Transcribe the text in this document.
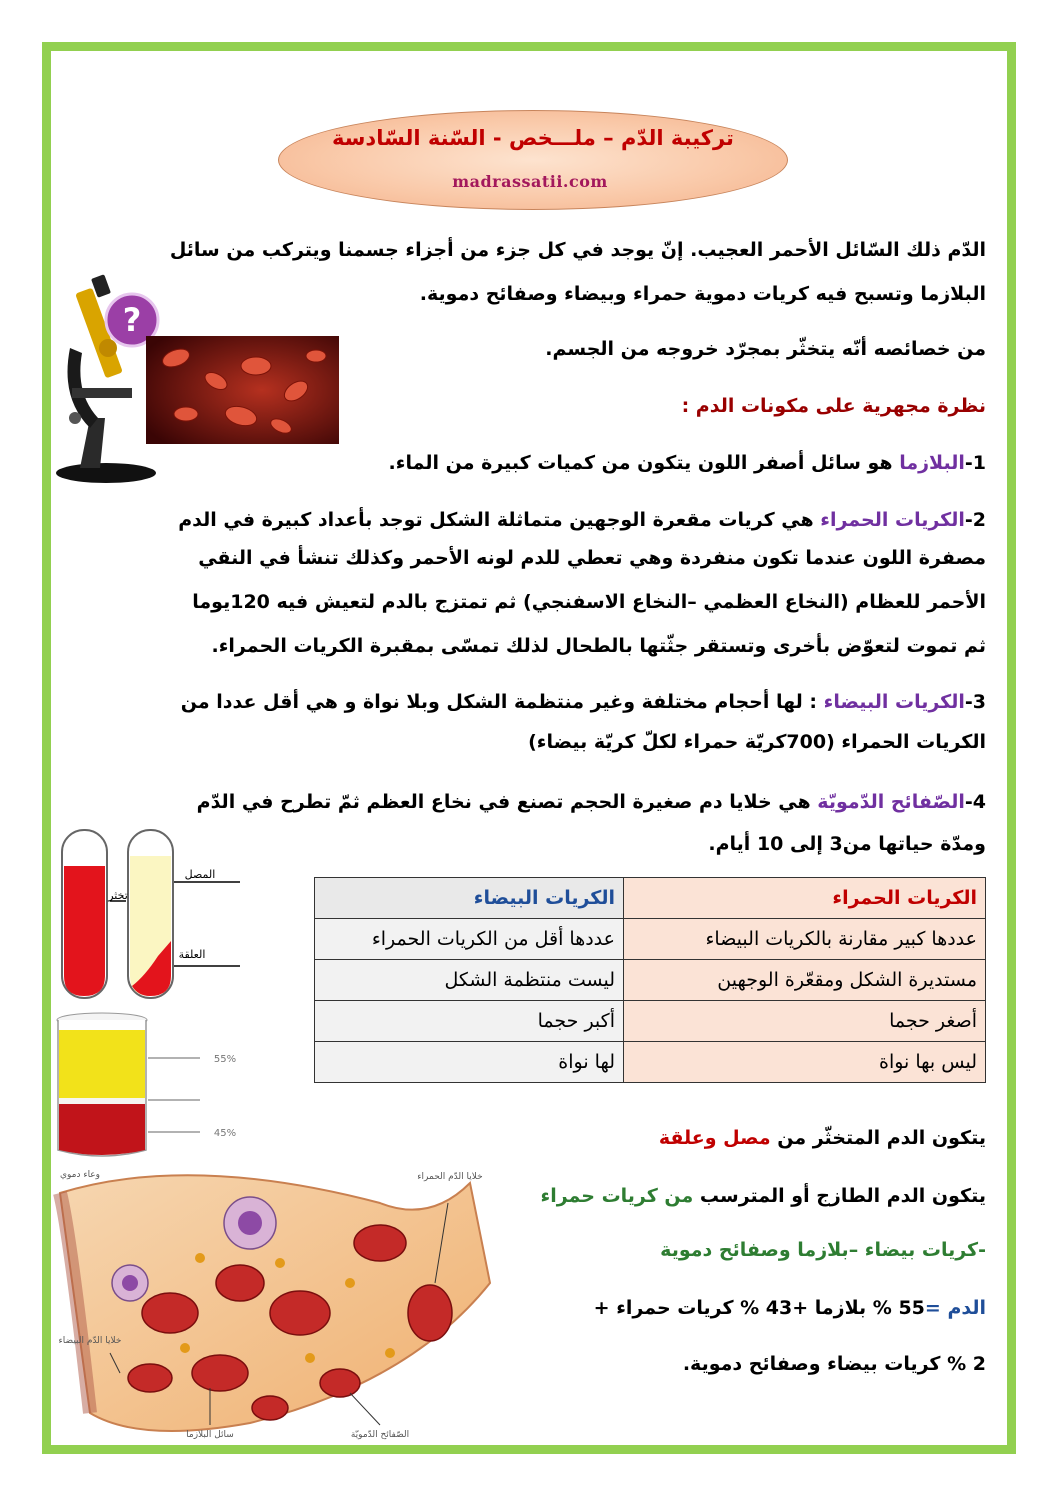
تركيبة الدّم – ملـــخص - السّنة السّادسة
madrassatii.com
الدّم ذلك السّائل الأحمر العجيب. إنّ يوجد في كل جزء من أجزاء جسمنا ويتركب من سائل
البلازما وتسبح فيه كريات دموية حمراء وبيضاء وصفائح دموية.
من خصائصه أنّه يتخثّر بمجرّد خروجه من الجسم.
نظرة مجهرية على مكونات الدم :
?
1-البلازما هو سائل أصفر اللون يتكون من كميات كبيرة من الماء.
2-الكريات الحمراء هي كريات مقعرة الوجهين متماثلة الشكل توجد بأعداد كبيرة في الدم
مصفرة اللون عندما تكون منفردة وهي تعطي للدم لونه الأحمر وكذلك تنشأ في النقي
الأحمر للعظام (النخاع العظمي –النخاع الاسفنجي) ثم تمتزج بالدم لتعيش فيه 120يوما
ثم تموت لتعوّض بأخرى وتستقر جثّتها بالطحال لذلك تمسّى بمقبرة الكريات الحمراء.
3-الكريات البيضاء : لها أحجام مختلفة وغير منتظمة الشكل وبلا نواة و هي أقل عددا من
الكريات الحمراء (700كريّة حمراء لكلّ كريّة بيضاء)
4-الصّفائح الدّمويّة هي خلايا دم صغيرة الحجم تصنع في نخاع العظم ثمّ تطرح في الدّم
ومدّة حياتها من3 إلى 10 أيام.
تخثر
المصل
العلقة
55%
45%
وعاء دموي	خلايا الدّم الحمراء
خلايا الدّم البيضاء
سائل البلازما	الصّفائح الدّمويّة
الكريات الحمراء	الكريات البيضاء
عددها كبير مقارنة بالكريات البيضاء	عددها أقل من الكريات الحمراء
مستديرة الشكل ومقعّرة الوجهين	ليست منتظمة الشكل
أصغر حجما	أكبر حجما
ليس بها نواة	لها نواة
يتكون الدم المتخثّر من مصل وعلقة
يتكون الدم الطازج أو المترسب من كريات حمراء
-كريات بيضاء –بلازما وصفائح دموية
الدم =55 % بلازما +43 % كريات حمراء +
2 % كريات بيضاء وصفائح دموية.
